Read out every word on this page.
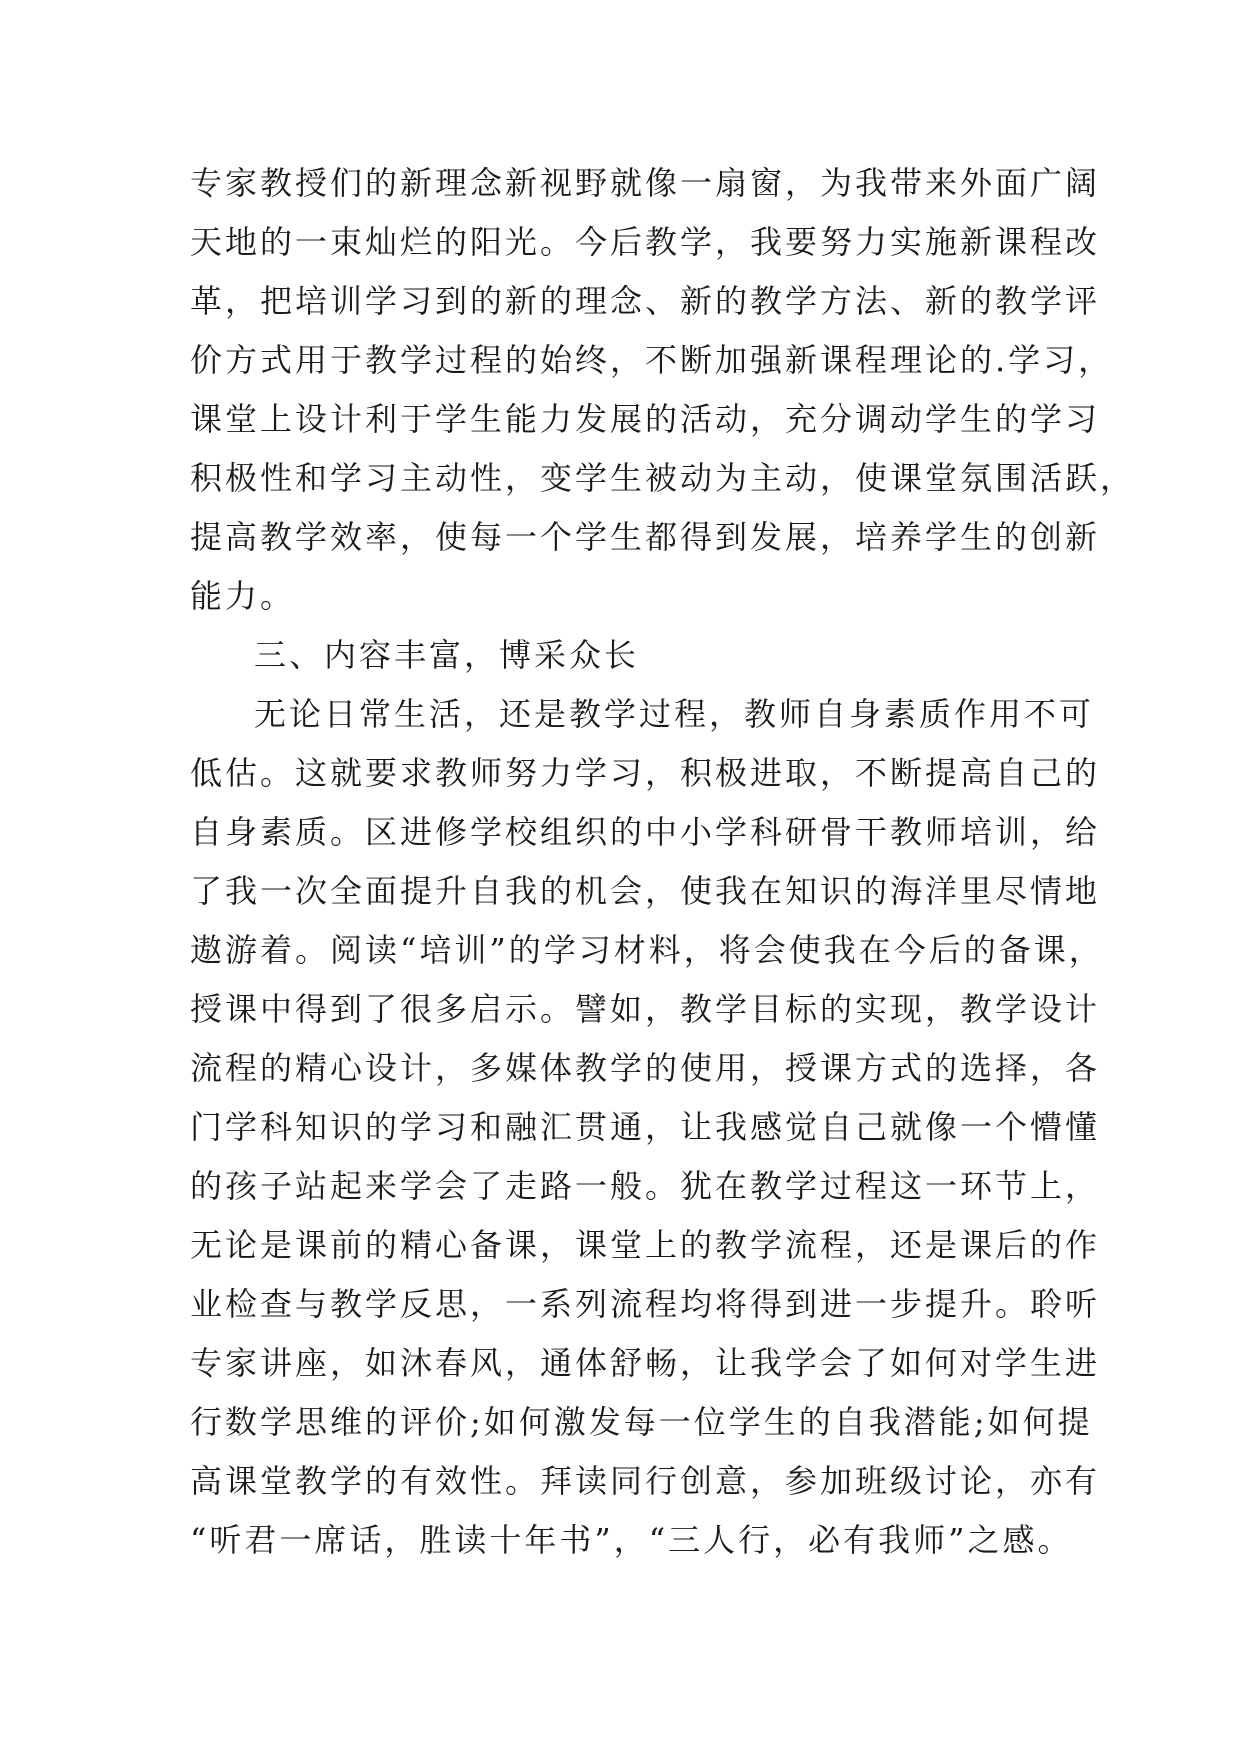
专家教授们的新理念新视野就像一扇窗，为我带来外面广阔
天地的一束灿烂的阳光。今后教学，我要努力实施新课程改
革，把培训学习到的新的理念、新的教学方法、新的教学评
价方式用于教学过程的始终，不断加强新课程理论的.学习，
课堂上设计利于学生能力发展的活动，充分调动学生的学习
积极性和学习主动性，变学生被动为主动，使课堂氛围活跃，
提高教学效率，使每一个学生都得到发展，培养学生的创新
能力。
三、内容丰富，博采众长
无论日常生活，还是教学过程，教师自身素质作用不可
低估。这就要求教师努力学习，积极进取，不断提高自己的
自身素质。区进修学校组织的中小学科研骨干教师培训，给
了我一次全面提升自我的机会，使我在知识的海洋里尽情地
遨游着。阅读“培训”的学习材料，将会使我在今后的备课，
授课中得到了很多启示。譬如，教学目标的实现，教学设计
流程的精心设计，多媒体教学的使用，授课方式的选择，各
门学科知识的学习和融汇贯通，让我感觉自己就像一个懵懂
的孩子站起来学会了走路一般。犹在教学过程这一环节上，
无论是课前的精心备课，课堂上的教学流程，还是课后的作
业检查与教学反思，一系列流程均将得到进一步提升。聆听
专家讲座，如沐春风，通体舒畅，让我学会了如何对学生进
行数学思维的评价;如何激发每一位学生的自我潜能;如何提
高课堂教学的有效性。拜读同行创意，参加班级讨论，亦有
“听君一席话，胜读十年书”，“三人行，必有我师”之感。
